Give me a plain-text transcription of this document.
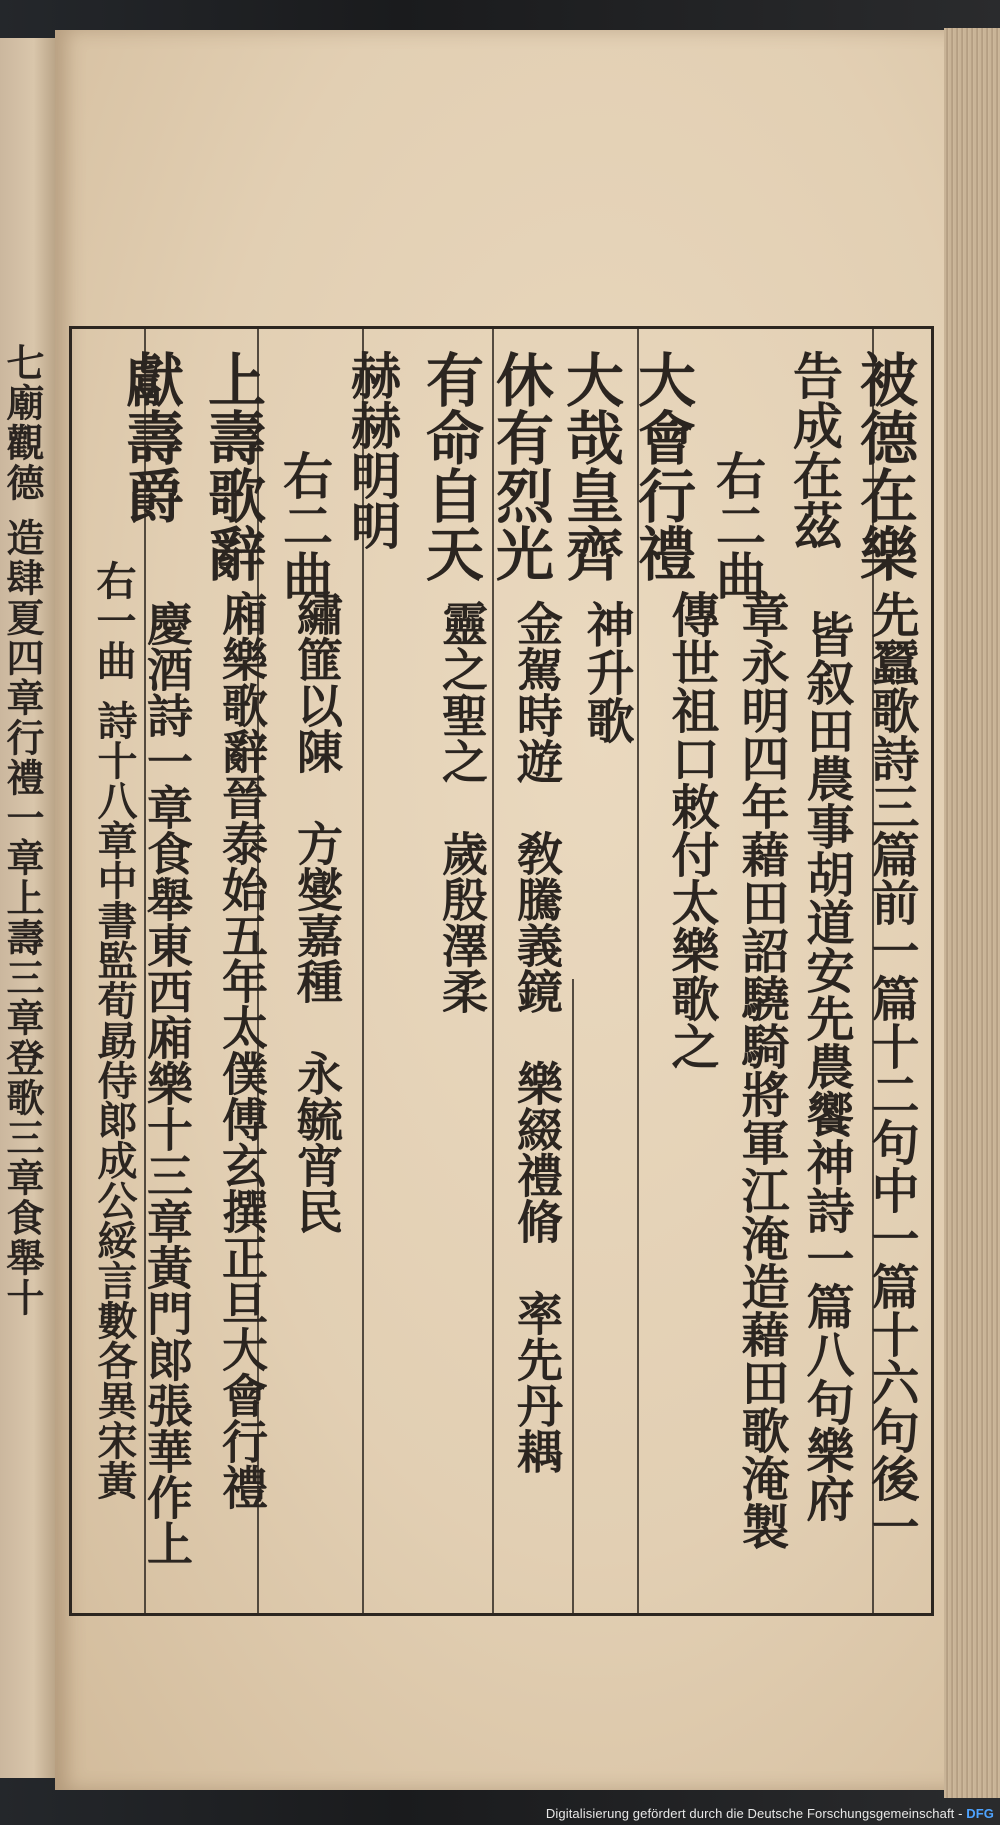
七廟觀德 造肆夏四章行禮一章上壽三章登歌三章食舉十	被德在樂
告成在茲
右二曲
大會行禮
大哉皇齊
休有烈光
有命自天
赫赫明明
右二曲
上壽歌辭
獻壽爵
先蠶歌詩三篇前一篇十二句中一篇十六句後一
皆叙田農事胡道安先農饗神詩一篇八句樂府
章永明四年藉田詔驍騎將軍江淹造藉田歌淹製
傳世祖口敕付太樂歌之
神升歌
金駕時遊　敎騰義鏡　樂綴禮脩　率先丹耦
靈之聖之　歲殷澤柔
繡篚以陳　方燮嘉種　永毓宵民
廂樂歌辭晉泰始五年太僕傅玄撰正旦大會行禮
慶酒詩一章食舉東西廂樂十三章黃門郞張華作上
右一曲
詩十八章中書監荀勗侍郞成公綏言數各異宋黃
Digitalisierung gefördert durch die Deutsche Forschungsgemeinschaft - DFG
